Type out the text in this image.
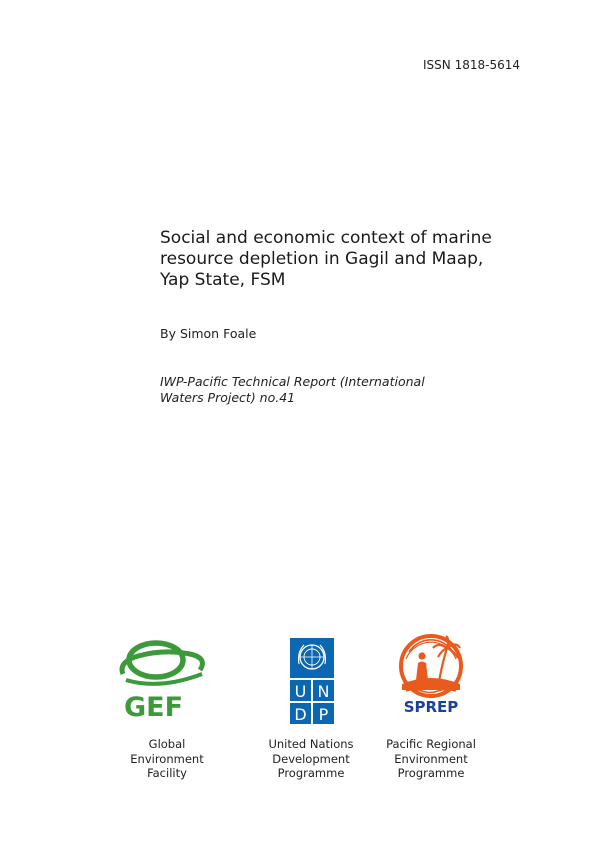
ISSN 1818-5614
Social and economic context of marine
resource depletion in Gagil and Maap,
Yap State, FSM
By Simon Foale
IWP-Pacific Technical Report (International
Waters Project) no.41
GEF
U N
D P	SPREP
Global
Environment
Facility
United Nations
Development
Programme
Pacific Regional
Environment
Programme
